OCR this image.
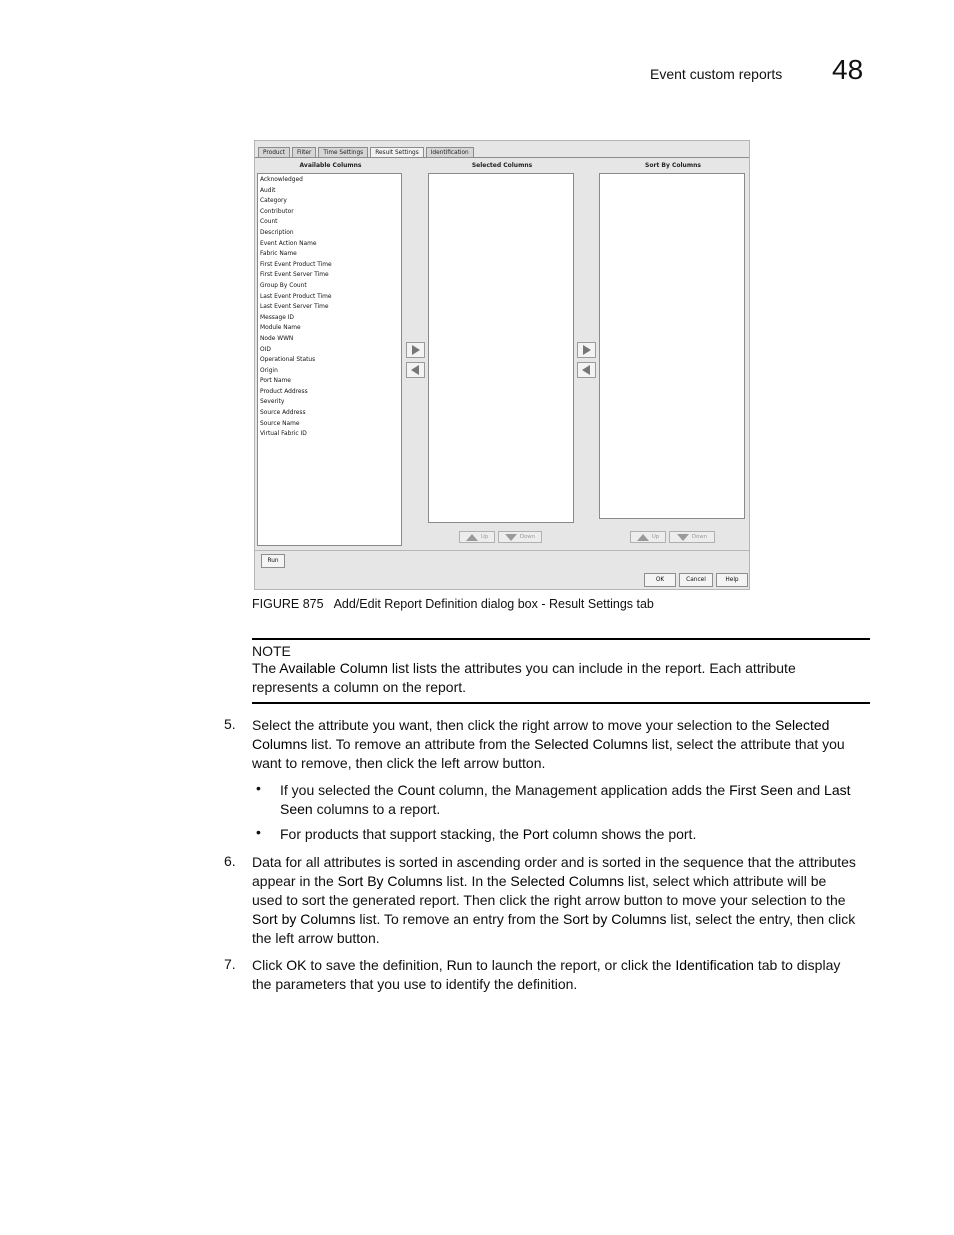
Event custom reports 48
Product	Filter	Time Settings	Result Settings	Identification
Available Columns	Selected Columns	Sort By Columns
Acknowledged
Audit
Category
Contributor
Count
Description
Event Action Name
Fabric Name
First Event Product Time
First Event Server Time
Group By Count
Last Event Product Time
Last Event Server Time
Message ID
Module Name
Node WWN
OID
Operational Status
Origin
Port Name
Product Address
Severity
Source Address
Source Name
Virtual Fabric ID
Up	Down	Up	Down
Run
OK	Cancel	Help
FIGURE 875 Add/Edit Report Definition dialog box - Result Settings tab
NOTE
The Available Column list lists the attributes you can include in the report. Each attribute represents a column on the report.
5. Select the attribute you want, then click the right arrow to move your selection to the Selected Columns list. To remove an attribute from the Selected Columns list, select the attribute that you want to remove, then click the left arrow button.
• If you selected the Count column, the Management application adds the First Seen and Last Seen columns to a report.
• For products that support stacking, the Port column shows the port.
6. Data for all attributes is sorted in ascending order and is sorted in the sequence that the attributes appear in the Sort By Columns list. In the Selected Columns list, select which attribute will be used to sort the generated report. Then click the right arrow button to move your selection to the Sort by Columns list. To remove an entry from the Sort by Columns list, select the entry, then click the left arrow button.
7. Click OK to save the definition, Run to launch the report, or click the Identification tab to display the parameters that you use to identify the definition.
